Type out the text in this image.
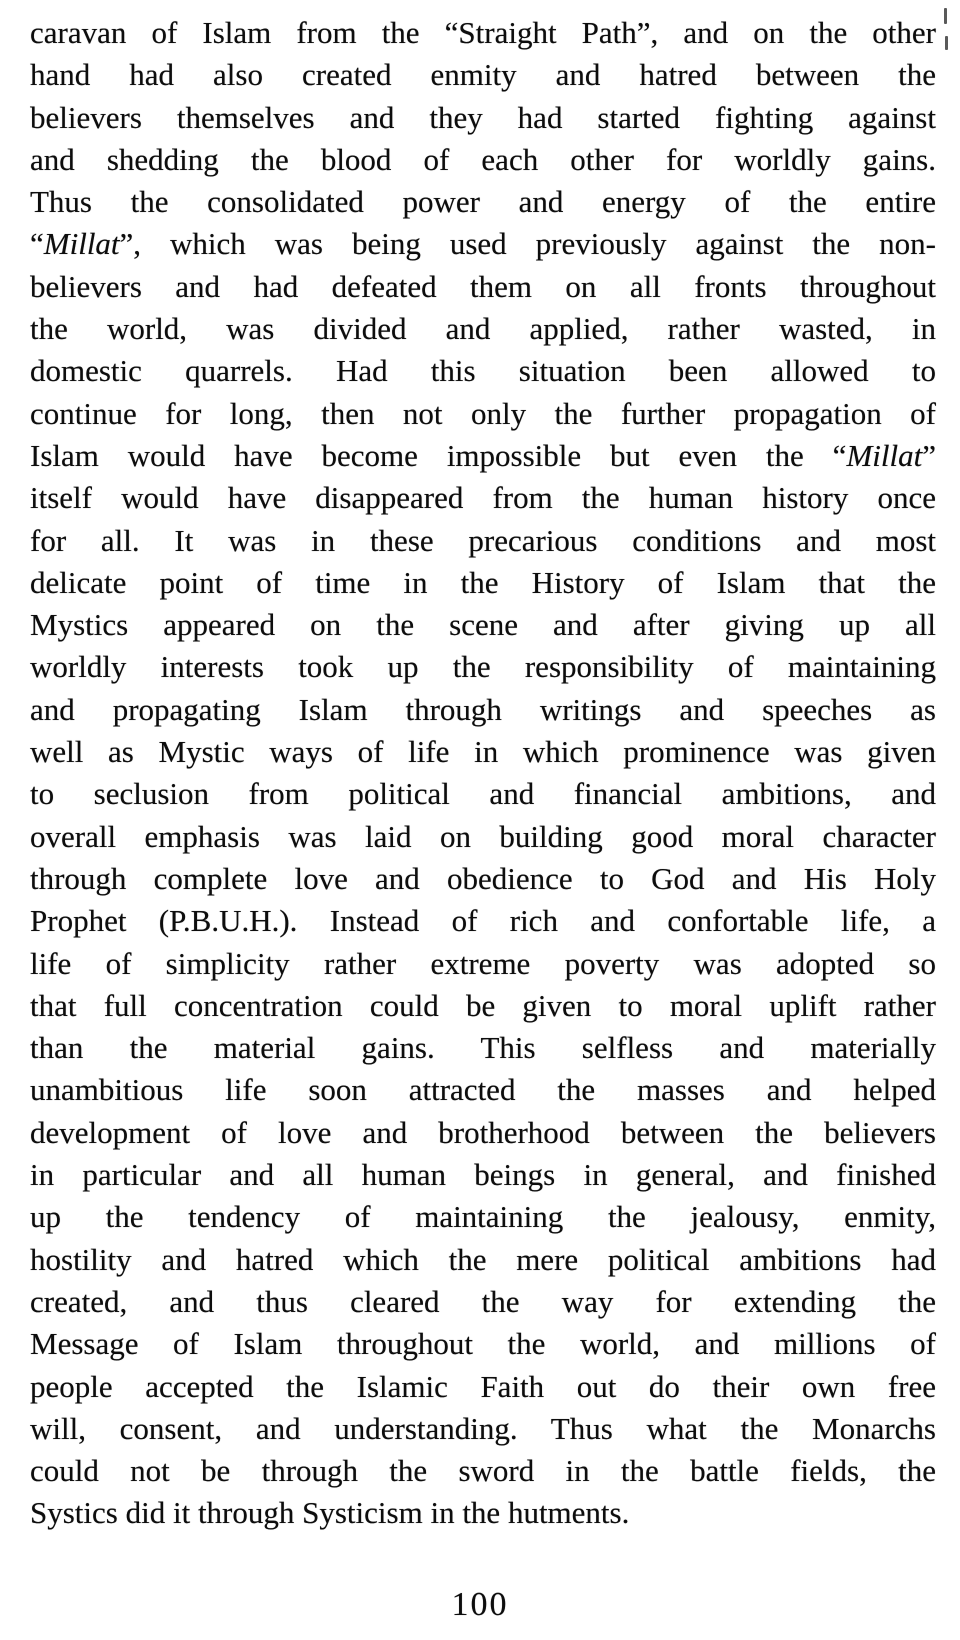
caravan of Islam from the “Straight Path”, and on the other
hand had also created enmity and hatred between the
believers themselves and they had started fighting against
and shedding the blood of each other for worldly gains.
Thus the consolidated power and energy of the entire
“Millat”, which was being used previously against the non-
believers and had defeated them on all fronts throughout
the world, was divided and applied, rather wasted, in
domestic quarrels. Had this situation been allowed to
continue for long, then not only the further propagation of
Islam would have become impossible but even the “Millat”
itself would have disappeared from the human history once
for all. It was in these precarious conditions and most
delicate point of time in the History of Islam that the
Mystics appeared on the scene and after giving up all
worldly interests took up the responsibility of maintaining
and propagating Islam through writings and speeches as
well as Mystic ways of life in which prominence was given
to seclusion from political and financial ambitions, and
overall emphasis was laid on building good moral character
through complete love and obedience to God and His Holy
Prophet (P.B.U.H.). Instead of rich and confortable life, a
life of simplicity rather extreme poverty was adopted so
that full concentration could be given to moral uplift rather
than the material gains. This selfless and materially
unambitious life soon attracted the masses and helped
development of love and brotherhood between the believers
in particular and all human beings in general, and finished
up the tendency of maintaining the jealousy, enmity,
hostility and hatred which the mere political ambitions had
created, and thus cleared the way for extending the
Message of Islam throughout the world, and millions of
people accepted the Islamic Faith out do their own free
will, consent, and understanding. Thus what the Monarchs
could not be through the sword in the battle fields, the
Systics did it through Systicism in the hutments.
100
